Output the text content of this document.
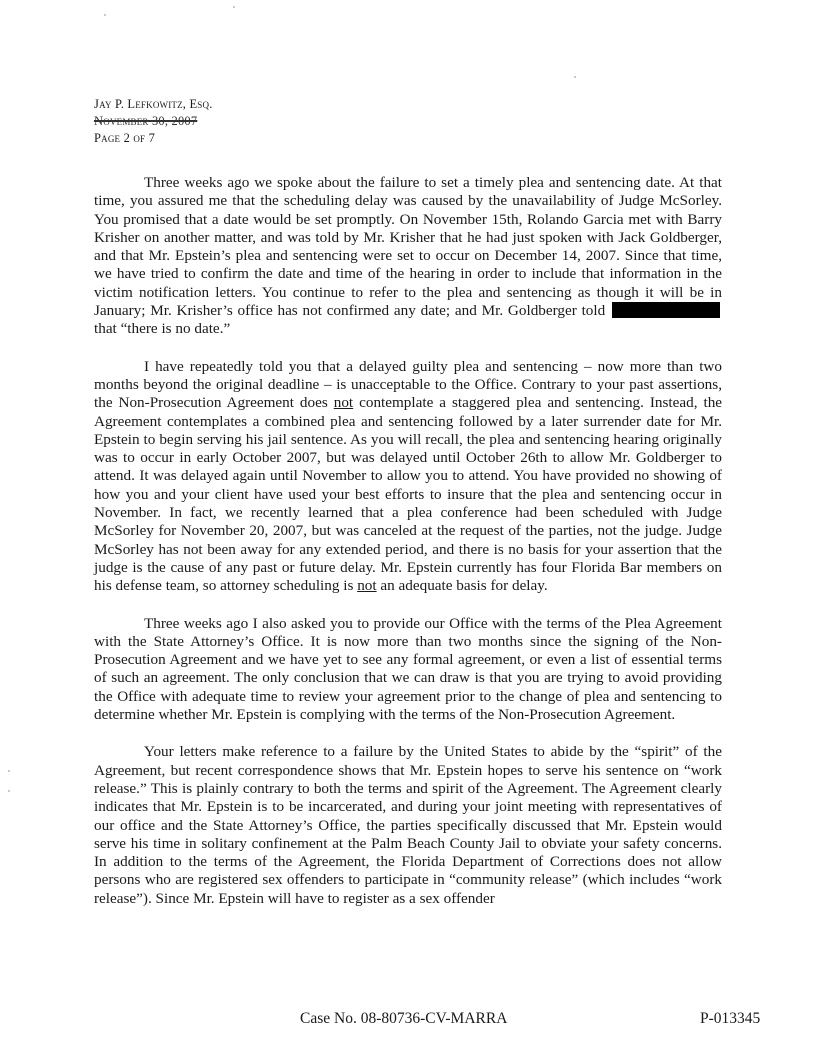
Jay P. Lefkowitz, Esq.
November 30, 2007
Page 2 of 7

Three weeks ago we spoke about the failure to set a timely plea and sentencing date. At that time, you assured me that the scheduling delay was caused by the unavailability of Judge McSorley. You promised that a date would be set promptly. On November 15th, Rolando Garcia met with Barry Krisher on another matter, and was told by Mr. Krisher that he had just spoken with Jack Goldberger, and that Mr. Epstein’s plea and sentencing were set to occur on December 14, 2007. Since that time, we have tried to confirm the date and time of the hearing in order to include that information in the victim notification letters. You continue to refer to the plea and sentencing as though it will be in January; Mr. Krisher’s office has not confirmed any date; and Mr. Goldberger told  that “there is no date.”

I have repeatedly told you that a delayed guilty plea and sentencing – now more than two months beyond the original deadline – is unacceptable to the Office. Contrary to your past assertions, the Non-Prosecution Agreement does not contemplate a staggered plea and sentencing. Instead, the Agreement contemplates a combined plea and sentencing followed by a later surrender date for Mr. Epstein to begin serving his jail sentence. As you will recall, the plea and sentencing hearing originally was to occur in early October 2007, but was delayed until October 26th to allow Mr. Goldberger to attend. It was delayed again until November to allow you to attend. You have provided no showing of how you and your client have used your best efforts to insure that the plea and sentencing occur in November. In fact, we recently learned that a plea conference had been scheduled with Judge McSorley for November 20, 2007, but was canceled at the request of the parties, not the judge. Judge McSorley has not been away for any extended period, and there is no basis for your assertion that the judge is the cause of any past or future delay. Mr. Epstein currently has four Florida Bar members on his defense team, so attorney scheduling is not an adequate basis for delay.

Three weeks ago I also asked you to provide our Office with the terms of the Plea Agreement with the State Attorney’s Office. It is now more than two months since the signing of the Non-Prosecution Agreement and we have yet to see any formal agreement, or even a list of essential terms of such an agreement. The only conclusion that we can draw is that you are trying to avoid providing the Office with adequate time to review your agreement prior to the change of plea and sentencing to determine whether Mr. Epstein is complying with the terms of the Non-Prosecution Agreement.

Your letters make reference to a failure by the United States to abide by the “spirit” of the Agreement, but recent correspondence shows that Mr. Epstein hopes to serve his sentence on “work release.” This is plainly contrary to both the terms and spirit of the Agreement. The Agreement clearly indicates that Mr. Epstein is to be incarcerated, and during your joint meeting with representatives of our office and the State Attorney’s Office, the parties specifically discussed that Mr. Epstein would serve his time in solitary confinement at the Palm Beach County Jail to obviate your safety concerns. In addition to the terms of the Agreement, the Florida Department of Corrections does not allow persons who are registered sex offenders to participate in “community release” (which includes “work release”). Since Mr. Epstein will have to register as a sex offender

Case No. 08-80736-CV-MARRA	P-013345
